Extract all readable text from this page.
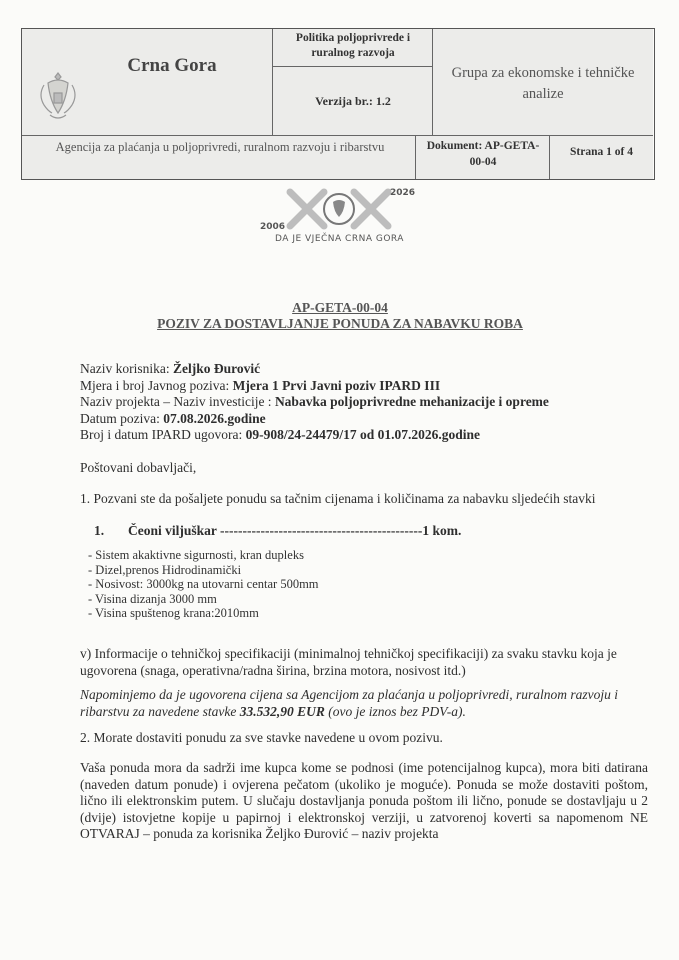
Crna Gora
Politika poljoprivrede i ruralnog razvoja
Verzija br.: 1.2
Grupa za ekonomske i tehničke analize
Agencija za plaćanja u poljoprivredi, ruralnom razvoju i ribarstvu	Dokument: AP-GETA-00-04
Strana 1 of 4
2006
2026
DA JE VJEČNA CRNA GORA
AP-GETA-00-04
POZIV ZA DOSTAVLJANJE PONUDA ZA NABAVKU ROBA
Naziv korisnika: Željko Đurović
Mjera i broj Javnog poziva: Mjera 1 Prvi Javni poziv IPARD III
Naziv projekta – Naziv investicije : Nabavka poljoprivredne mehanizacije i opreme
Datum poziva: 07.08.2026.godine
Broj i datum IPARD ugovora: 09-908/24-24479/17 od 01.07.2026.godine
Poštovani dobavljači,
1. Pozvani ste da pošaljete ponudu sa tačnim cijenama i količinama za nabavku sljedećih stavki
1. Čeoni viljuškar ---------------------------------------------1 kom.
- Sistem akaktivne sigurnosti, kran dupleks
- Dizel,prenos Hidrodinamički
- Nosivost: 3000kg na utovarni centar 500mm
- Visina dizanja 3000 mm
- Visina spuštenog krana:2010mm
v) Informacije o tehničkoj specifikaciji (minimalnoj tehničkoj specifikaciji) za svaku stavku koja je ugovorena (snaga, operativna/radna širina, brzina motora, nosivost itd.)
Napominjemo da je ugovorena cijena sa Agencijom za plaćanja u poljoprivredi, ruralnom razvoju i ribarstvu za navedene stavke 33.532,90 EUR (ovo je iznos bez PDV-a).
2. Morate dostaviti ponudu za sve stavke navedene u ovom pozivu.
Vaša ponuda mora da sadrži ime kupca kome se podnosi (ime potencijalnog kupca), mora biti datirana (naveden datum ponude) i ovjerena pečatom (ukoliko je moguće). Ponuda se može dostaviti poštom, lično ili elektronskim putem. U slučaju dostavljanja ponuda poštom ili lično, ponude se dostavljaju u 2 (dvije) istovjetne kopije u papirnoj i elektronskoj verziji, u zatvorenoj koverti sa napomenom NE OTVARAJ – ponuda za korisnika Željko Đurović – naziv projekta
